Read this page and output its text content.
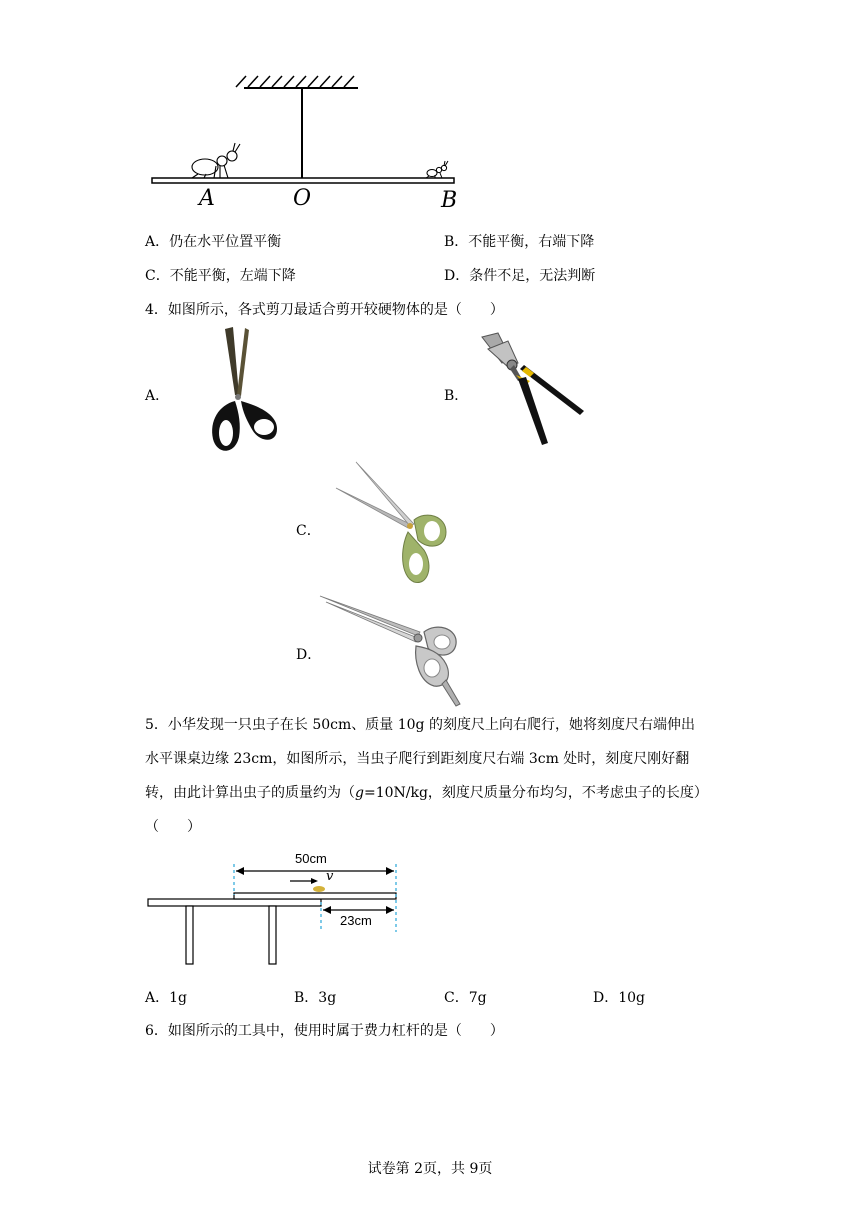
A	O	B
A．仍在水平位置平衡	B．不能平衡，右端下降
C．不能平衡，左端下降	D．条件不足，无法判断
4．如图所示，各式剪刀最适合剪开较硬物体的是（　　）
A．	B．
C．
D．
5．小华发现一只虫子在长 50cm、质量 10g 的刻度尺上向右爬行，她将刻度尺右端伸出
水平课桌边缘 23cm，如图所示，当虫子爬行到距刻度尺右端 3cm 处时，刻度尺刚好翻
转，由此计算出虫子的质量约为（g=10N/kg，刻度尺质量分布均匀，不考虑虫子的长度）
（　　）
50cm
v
23cm
A．1g	B．3g	C．7g	D．10g
6．如图所示的工具中，使用时属于费力杠杆的是（　　）
试卷第 2页，共 9页
